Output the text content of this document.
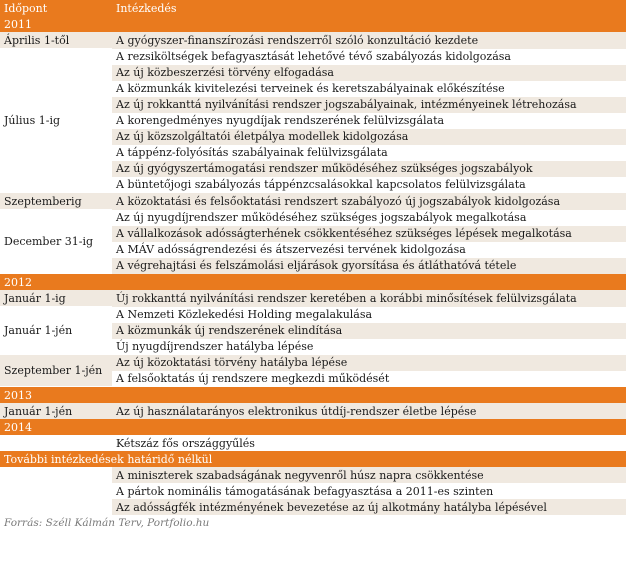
Időpont	Intézkedés
2011	
Április 1-től	A gyógyszer-finanszírozási rendszerről szóló konzultáció kezdete
Július 1-ig	A rezsiköltségek befagyasztását lehetővé tévő szabályozás kidolgozása
	Az új közbeszerzési törvény elfogadása
	A közmunkák kivitelezési terveinek és keretszabályainak előkészítése
	Az új rokkanttá nyilvánítási rendszer jogszabályainak, intézményeinek létrehozása
	A korengedményes nyugdíjak rendszerének felülvizsgálata
	Az új közszolgáltatói életpálya modellek kidolgozása
	A táppénz-folyósítás szabályainak felülvizsgálata
	Az új gyógyszertámogatási rendszer működéséhez szükséges jogszabályok
	A büntetőjogi szabályozás táppénzcsalásokkal kapcsolatos felülvizsgálata
Szeptemberig	A közoktatási és felsőoktatási rendszert szabályozó új jogszabályok kidolgozása
December 31-ig	Az új nyugdíjrendszer működéséhez szükséges jogszabályok megalkotása
	A vállalkozások adósságterhének csökkentéséhez szükséges lépések megalkotása
	A MÁV adósságrendezési és átszervezési tervének kidolgozása
	A végrehajtási és felszámolási eljárások gyorsítása és átláthatóvá tétele
2012	
Január 1-ig	Új rokkanttá nyilvánítási rendszer keretében a korábbi minősítések felülvizsgálata
Január 1-jén	A Nemzeti Közlekedési Holding megalakulása
	A közmunkák új rendszerének elindítása
	Új nyugdíjrendszer hatályba lépése
Szeptember 1-jén	Az új közoktatási törvény hatályba lépése
	A felsőoktatás új rendszere megkezdi működését
2013	
Január 1-jén	Az új használatarányos elektronikus útdíj-rendszer életbe lépése
2014	
	Kétszáz fős országgyűlés
További intézkedések határidő nélkül	
	A miniszterek szabadságának negyvenről húsz napra csökkentése
	A pártok nominális támogatásának befagyasztása a 2011-es szinten
	Az adósságfék intézményének bevezetése az új alkotmány hatályba lépésével
Forrás: Széll Kálmán Terv, Portfolio.hu
